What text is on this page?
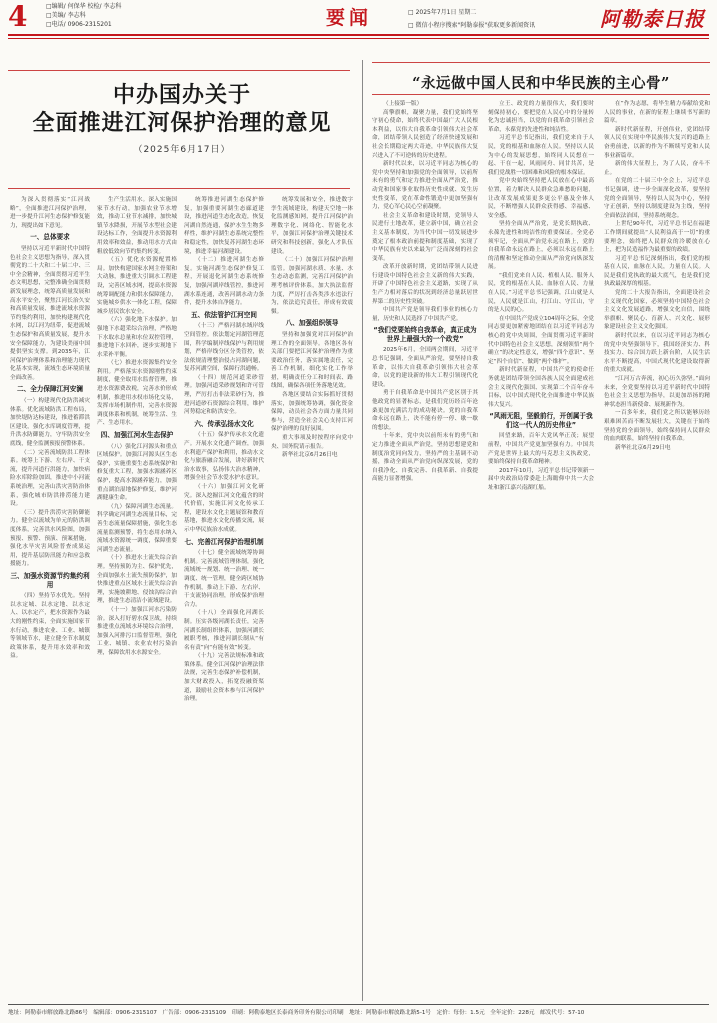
4	□编辑/ 何保华 校检/ 李志科
□美编/ 李志科
□电话/ 0906-2315201	要闻	□ 2025年7月1日 星期二
□ 微信小程序搜索"阿勒泰报"获取更多新闻资讯	阿勒泰日报
中办国办关于
全面推进江河保护治理的意见
（2025年6月17日）

为深入贯彻落实“江河战略”，全面推进江河保护治理，进一步提升江河生态保护修复能力，现提出如下意见。

一、总体要求

坚持以习近平新时代中国特色社会主义思想为指导，深入贯彻党的二十大和二十届二中、三中全会精神，全面贯彻习近平生态文明思想，完整准确全面贯彻新发展理念，统筹高质量发展和高水平安全，聚焦江河长治久安和高质量发展，推进流域水资源节约集约利用，加快构建现代化水网，以江河为纽带，促进流域生态保护和高质量发展，提升水安全保障能力，为建设美丽中国提供坚实支撑。到2035年，江河保护治理体系和治理能力现代化基本实现，流域生态环境质量全面改善。

二、全力保障江河安澜

（一）构建现代化防洪减灾体系。优化流域防洪工程布局，加快堤防达标建设，推进蓄滞洪区建设，强化水库调度管理，提升洪水防御能力，守牢防洪安全底线，健全监测预报预警体系。

（二）完善流域防洪工程体系。统筹上下游、左右岸、干支流，提升河道行洪能力，加快病险水库除险加固，推进中小河流系统治理，完善山洪灾害防治体系，强化城市防洪排涝能力建设。

（三）提升洪涝灾害防御能力。健全以流域为单元的防洪调度体系，完善洪水风险图，加强预报、预警、预演、预案措施，强化水旱灾害风险普查成果运用，提升基层防汛能力和应急救援能力。

三、加强水资源节约集约利用

（四）坚持节水优先。坚持以水定城、以水定地、以水定人、以水定产，把水资源作为最大的刚性约束，全面实施国家节水行动，推进农业、工业、城镇等领域节水，建立健全节水制度政策体系，提升用水效率和效益。

生产生活用水。深入实施国家节水行动，加强农业节水增效，推动工业节水减排，加快城镇节水降损，开展节水型社会建设达标工作，全面提升水资源利用效率和效益，推动用水方式由粗放低效向节约集约转变。

（五）优化水资源配置格局。加快构建国家水网主骨架和大动脉，推进重大引调水工程建设，完善区域水网，提高水资源统筹调配能力和供水保障能力，实施城乡供水一体化工程，保障城乡居民饮水安全。

（六）强化地下水保护。加强地下水超采综合治理，严格地下水取水总量和水位双控管理，推进地下水回补，逐步实现地下水采补平衡。

（七）推进水资源集约安全利用。严格落实水资源刚性约束制度，健全取用水监督管理，推进水资源费改税，完善水价形成机制，推进用水权市场化交易，发挥市场机制作用，完善水资源调度体系和机制，统筹生活、生产、生态用水。

四、加强江河水生态保护

（八）强化江河源头和重点区域保护。加强江河源头区生态保护，实施重要生态系统保护和修复重大工程，加强水源涵养区保护，提高水源涵养能力，加强重点湖泊湿地保护修复，维护河湖健康生命。

（九）保障河湖生态流量。科学确定河湖生态流量目标，完善生态流量保障措施，强化生态流量监测预警，将生态用水纳入流域水资源统一调度，保障重要河湖生态流量。

（十）推进水土流失综合治理。坚持预防为主、保护优先，全面加强水土流失预防保护，加快推进重点区域水土流失综合治理，实施坡耕地、侵蚀沟综合治理，推进生态清洁小流域建设。

（十一）加强江河水污染防治。深入打好碧水保卫战，持续推进重点流域水环境综合治理，加强入河排污口监督管理，强化工业、城镇、农业农村污染治理，保障饮用水水源安全。

统筹推进河湖生态保护修复，加强重要河湖生态廊道建设，推进河道生态化改造，恢复河湖自然连通，保护水生生物多样性，维护河湖生态系统完整性和稳定性，加快复苏河湖生态环境，推进幸福河湖建设。

（十二）推进河湖生态修复。实施河湖生态保护修复工程，开展退化河湖生态系统修复，加强河湖岸线管控，推进河湖水系连通，改善河湖水动力条件，提升水体自净能力。

五、依法管护江河空间

（十三）严格河湖水域岸线空间管控。依法划定河湖管理范围，科学编制岸线保护与利用规划，严格岸线分区分类管控，依法依规清理整治侵占河湖问题，复苏河湖空间，保障行洪通畅。

（十四）规范河道采砂管理。加强河道采砂规划和许可管理，严厉打击非法采砂行为，推进河道砂石资源综合利用，维护河势稳定和防洪安全。

六、传承弘扬水文化

（十五）保护传承水文化遗产。开展水文化遗产调查，加强水利遗产保护和利用，推动水文化与旅游融合发展，讲好新时代治水故事，弘扬伟大治水精神，增强全社会节水爱水护水意识。

（十六）加强江河文化研究。深入挖掘江河文化蕴含的时代价值，实施江河文化传承工程，建设水文化主题展馆和教育基地，推进水文化传播交流，展示中华民族治水成就。

七、完善江河保护治理机制

（十七）健全流域统筹协调机制。完善流域管理体制，强化流域统一规划、统一治理、统一调度、统一管理，健全跨区域协作机制，推动上下游、左右岸、干支流协同治理，形成保护治理合力。

（十八）全面强化河湖长制。压实各级河湖长责任，完善河湖长制组织体系，加强河湖长履职考核，推进河湖长制从“有名有责”向“有能有效”转变。

（十九）完善法规标准和政策体系。健全江河保护治理法律法规，完善生态保护补偿机制，加大财政投入，拓宽投融资渠道，鼓励社会资本参与江河保护治理。

统筹发展和安全，推进数字孪生流域建设，构建天空地一体化监测感知网，提升江河保护治理数字化、网络化、智能化水平，加强江河保护治理关键技术研究和科技创新，强化人才队伍建设。

（二十）加强江河保护治理监管。加强河湖水质、水量、水生态动态监测，完善江河保护治理考核评价体系，加大执法监督力度，严厉打击各类涉水违法行为，依法追究责任，形成有效震慑。

八、加强组织领导

坚持和加强党对江河保护治理工作的全面领导。各地区各有关部门要把江河保护治理作为重要政治任务，落实属地责任，完善工作机制，细化实化工作举措，明确责任分工和时间表、路线图，确保各项任务落地见效。

各地区要结合实际抓好贯彻落实，加强统筹协调，强化资金保障，动员社会各方面力量共同参与，营造全社会关心支持江河保护治理的良好氛围。

重大事项及时按程序向党中央、国务院请示报告。

新华社北京6月26日电

“永远做中国人民和中华民族的主心骨”

（上接第一版）

高擎旗帜，凝聚力量，我们党始终坚守初心使命，始终代表中国最广大人民根本利益，以伟大自我革命引领伟大社会革命，团结带领人民创造了经济快速发展和社会长期稳定两大奇迹，中华民族伟大复兴进入了不可逆转的历史进程。

新时代以来，以习近平同志为核心的党中央坚持和加强党的全面领导，以前所未有的勇气和定力推进全面从严治党，推动党和国家事业取得历史性成就、发生历史性变革，党在革命性锻造中更加坚强有力，党心军心民心空前凝聚。

社会主义革命和建设时期，党领导人民进行土地改革，建立新中国，确立社会主义基本制度，为当代中国一切发展进步奠定了根本政治前提和制度基础，实现了中华民族有史以来最为广泛而深刻的社会变革。

改革开放新时期，党团结带领人民进行建设中国特色社会主义新的伟大实践，开辟了中国特色社会主义道路，实现了从生产力相对落后的状况到经济总量跃居世界第二的历史性突破。

中国共产党是领导我们事业的核心力量，历史和人民选择了中国共产党。

“我们党要始终自我革命，真正成为世界上最强大的一个政党”

2025年6月，全国两会期间，习近平总书记强调，全面从严治党，要坚持自我革命，以伟大自我革命引领伟大社会革命，以党的建设新的伟大工程引领现代化建设。

勇于自我革命是中国共产党区别于其他政党的显著标志，是我们党历经百年沧桑更加充满活力的成功秘诀。党的自我革命永远在路上，决不能有停一停、歇一歇的想法。

十年来，党中央以前所未有的勇气和定力推进全面从严治党，坚持思想建党和制度治党同向发力，坚持严的主基调不动摇，推动全面从严治党向纵深发展，党的自我净化、自我完善、自我革新、自我提高能力显著增强。

立王、政党的力量很伟大，我们要时刻保持初心，要把党在人民心中的分量转化为忠诚担当，以党的自我革命引领社会革命，永葆党的先进性和纯洁性。

习近平总书记指出，我们党来自于人民，党的根基和血脉在人民。坚持以人民为中心的发展思想，始终同人民想在一起、干在一起，风雨同舟、同甘共苦，是我们党战胜一切困难和风险的根本保证。

党中央始终坚持把人民放在心中最高位置，着力解决人民群众急难愁盼问题，让改革发展成果更多更公平惠及全体人民，不断增强人民群众获得感、幸福感、安全感。

坚持全面从严治党，是党长期执政、永葆先进性和纯洁性的重要保证。全党必须牢记，全面从严治党永远在路上，党的自我革命永远在路上，必须以永远在路上的清醒和坚定推动全面从严治党向纵深发展。

“我们党来自人民、植根人民、服务人民，党的根基在人民、血脉在人民、力量在人民。”习近平总书记强调，江山就是人民，人民就是江山，打江山、守江山，守的是人民的心。

在中国共产党成立104周年之际，全党同志要更加紧密地团结在以习近平同志为核心的党中央周围，全面贯彻习近平新时代中国特色社会主义思想，深刻领悟“两个确立”的决定性意义，增强“四个意识”、坚定“四个自信”、做到“两个维护”。

新时代新征程，中国共产党的使命任务就是团结带领全国各族人民全面建成社会主义现代化强国、实现第二个百年奋斗目标，以中国式现代化全面推进中华民族伟大复兴。

“风雨无阻，坚毅前行，开创属于我们这一代人的历史伟业”

回望来路，百年大党风华正茂；展望前程，中国共产党更加坚强有力。中国共产党是世界上最大的马克思主义执政党，要始终保持自我革命精神。

2017年10月，习近平总书记带领新一届中央政治局常委赴上海瞻仰中共一大会址和浙江嘉兴南湖红船。

在”作为志愿，将毕生精力奉献给党和人民的事业，在新的征程上继续书写新的篇章。

新时代新征程，开创伟业，党团结带领人民在实现中华民族伟大复兴的道路上奋勇前进，以新的作为不断续写党和人民事业新篇章。

新的伟大征程上，为了人民，奋斗不止。

在党的二十届三中全会上，习近平总书记强调，进一步全面深化改革，要坚持党的全面领导，坚持以人民为中心，坚持守正创新，坚持以制度建设为主线，坚持全面依法治国，坚持系统观念。

上世纪90年代，习近平总书记在福建工作期间就提出“人民利益高于一切”的重要理念，始终把人民群众的冷暖放在心上，把为民造福作为最重要的政绩。

习近平总书记深刻指出，我们党的根基在人民，血脉在人民，力量在人民。人民是我们党执政的最大底气，也是我们党执政最深厚的根基。

党的二十大报告指出，全面建设社会主义现代化国家，必须坚持中国特色社会主义文化发展道路，增强文化自信，围绕举旗帜、聚民心、育新人、兴文化、展形象建设社会主义文化强国。

新时代以来，在以习近平同志为核心的党中央坚强领导下，我国经济实力、科技实力、综合国力跃上新台阶，人民生活水平不断提高，中国式现代化建设取得新的重大成就。

“江河万古奔流，初心历久弥坚。”面向未来，全党要坚持以习近平新时代中国特色社会主义思想为指导，以更加昂扬的精神状态担当新使命、展现新作为。

一百多年来，我们党之所以能够历经艰难困苦而不断发展壮大，关键在于始终坚持党的全面领导，始终保持同人民群众的血肉联系，始终坚持自我革命。

新华社北京6月29日电

地址：阿勒泰市解放路北路86号　编辑部：0906-2315107　广告部：0906-2315109　印刷：阿勒泰地区长泰商务印务有限公司印刷　地址：阿勒泰市解放路北路5-1号　定价：每份：1.5元　全年定价：228元　邮发代号：57-10
